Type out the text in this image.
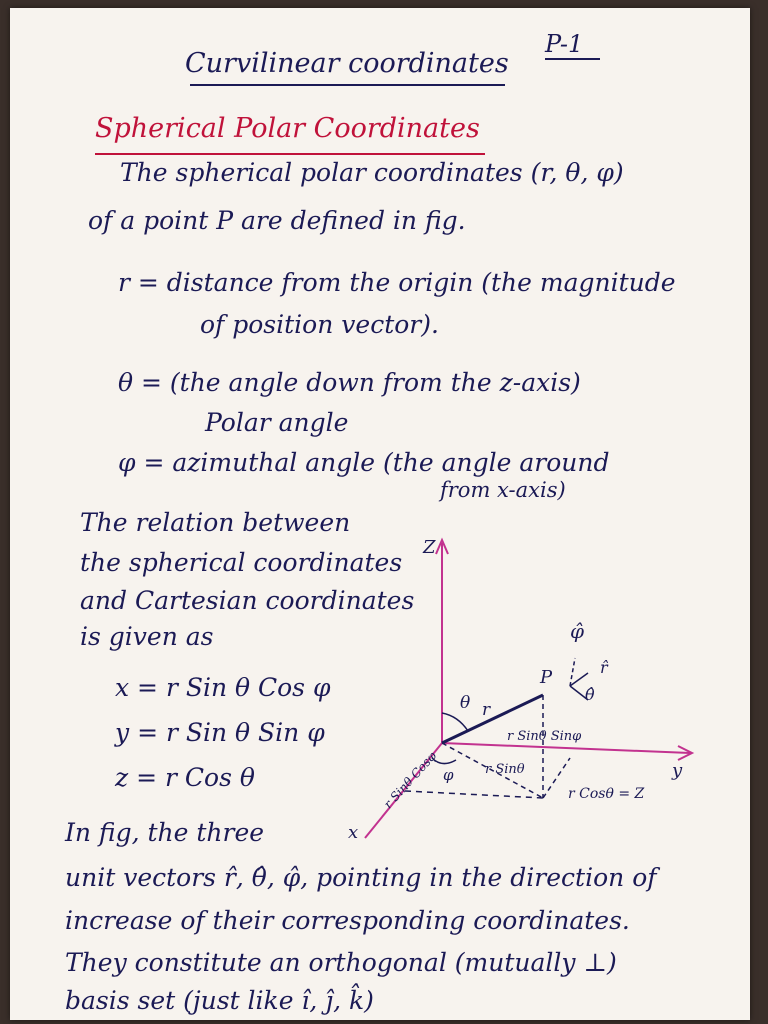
Curvilinear coordinates
P-1
Spherical Polar Coordinates
The spherical polar coordinates (r, θ, φ)
of a point P are defined in fig.
r = distance from the origin (the magnitude
of position vector).
θ = (the angle down from the z-axis)
Polar angle
φ = azimuthal angle (the angle around
from x-axis)
The relation between
the spherical coordinates
and Cartesian coordinates
is given as
x = r Sin θ Cos φ
y = r Sin θ Sin φ
z = r Cos θ
In fig, the three
unit vectors r̂, θ̂, φ̂, pointing in the direction of
increase of their corresponding coordinates.
They constitute an orthogonal (mutually ⊥)
basis set (just like î, ĵ, k̂)
Z
y
x
P
φ̂
r̂
θ̂
θ r
r Sinθ Sinφ
r Sinθ Cosφ	r Sinθ
φ
r Cosθ = Z
